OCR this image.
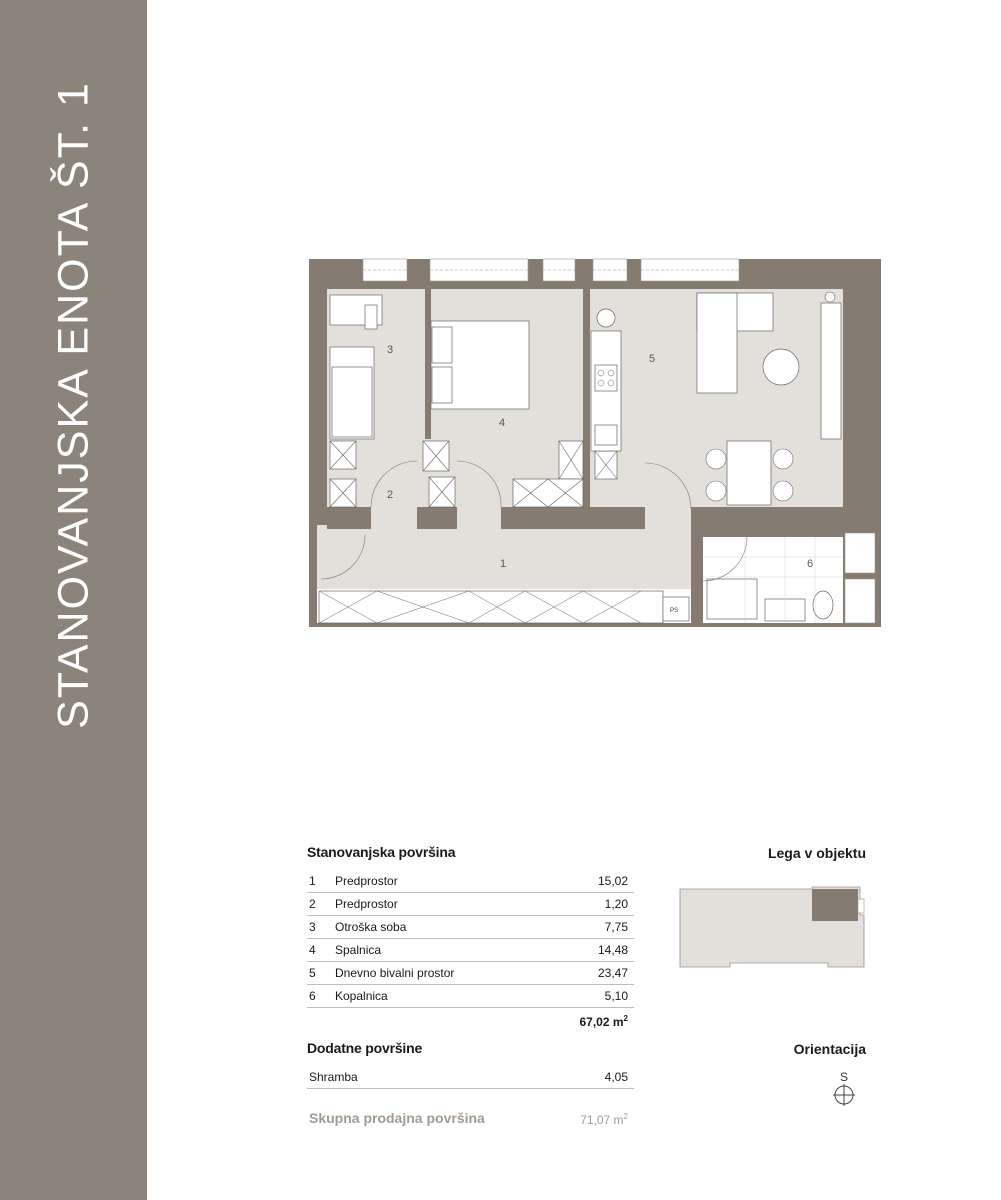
STANOVANJSKA ENOTA ŠT. 1	PS
6
1
2
3
4
5
Stanovanjska površina
1	Predprostor	15,02
2	Predprostor	1,20
3	Otroška soba	7,75
4	Spalnica	14,48
5	Dnevno bivalni prostor	23,47
6	Kopalnica	5,10
67,02 $m^2$
Dodatne površine
Shramba	4,05
Skupna prodajna površina	71,07 $m^2$
Lega v objektu
Orientacija
S
